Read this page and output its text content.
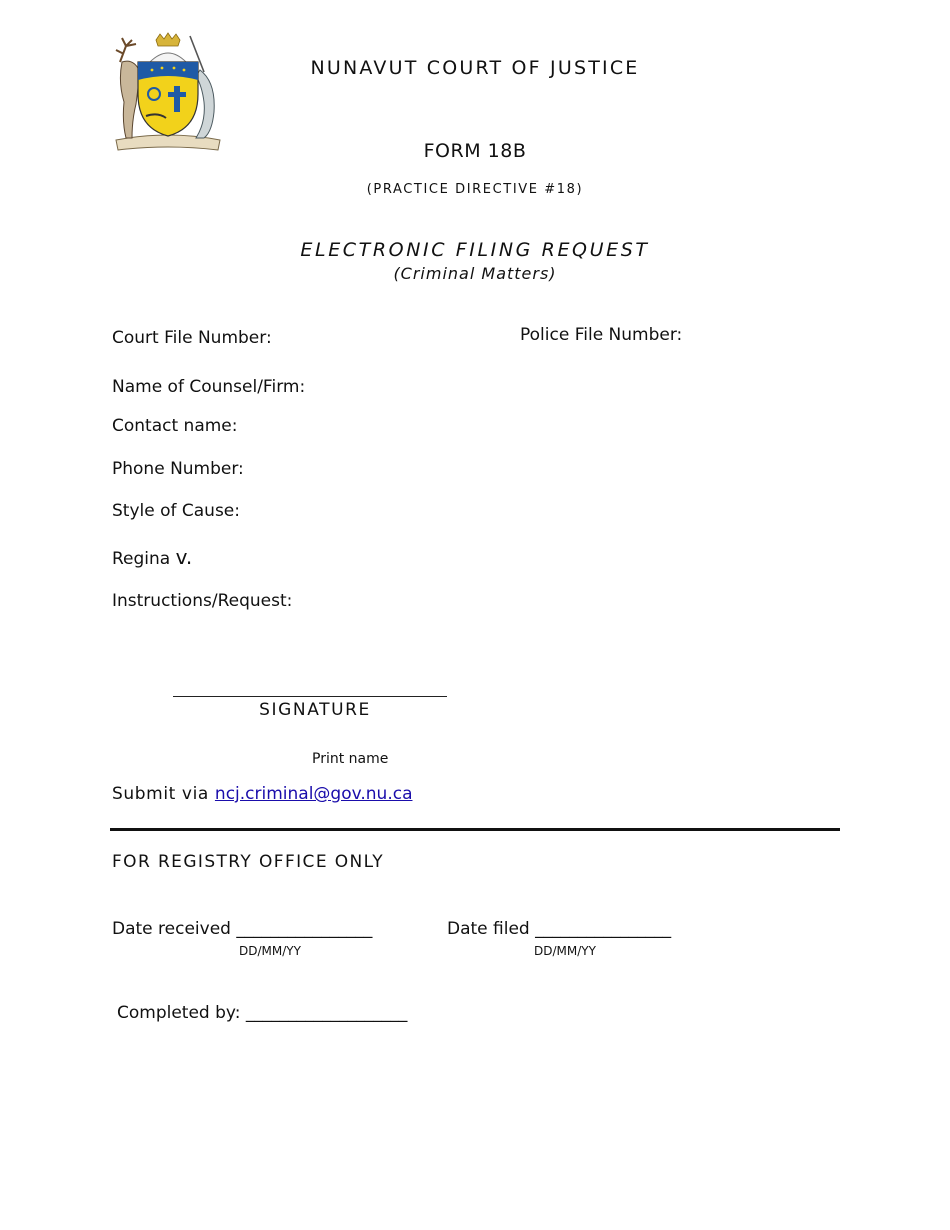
NUNAVUT COURT OF JUSTICE
FORM 18B
(PRACTICE DIRECTIVE #18)
ELECTRONIC FILING REQUEST
(Criminal Matters)
Court File Number:	Police File Number:
Name of Counsel/Firm:
Contact name:
Phone Number:
Style of Cause:
Regina v.
Instructions/Request:
SIGNATURE
Print name
Submit via ncj.criminal@gov.nu.ca
FOR REGISTRY OFFICE ONLY
Date received ________________
DD/MM/YY
Date filed ________________
DD/MM/YY
Completed by: ___________________
